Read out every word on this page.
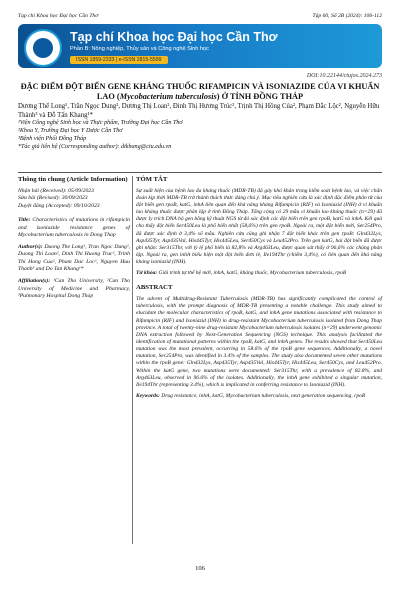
Tạp chí Khoa học Đại học Cần Thơ	Tập 60, Số 2B (2024): 106-112
Tạp chí Khoa học Đại học Cần Thơ
Phần B: Nông nghiệp, Thủy sản và Công nghệ Sinh học
ISSN 1859-2333 | e-ISSN 2815-5599
DOI:10.22144/ctujos.2024.273
ĐẶC ĐIỂM ĐỘT BIẾN GENE KHÁNG THUỐC RIFAMPICIN VÀ ISONIAZIDE CỦA VI KHUẨN LAO (Mycobacterium tuberculosis) Ở TỈNH ĐỒNG THÁP
Dương Thể Long¹, Trần Ngọc Dung², Dương Thị Loan², Đinh Thị Hương Trúc², Trịnh Thị Hồng Của², Phạm Đắc Lộc², Nguyễn Hữu Thành³ và Đỗ Tấn Khang¹*
¹Viện Công nghệ Sinh học và Thực phẩm, Trường Đại học Cần Thơ
²Khoa Y, Trường Đại học Y Dược Cần Thơ
³Bệnh viện Phổi Đồng Tháp
*Tác giả liên hệ (Corresponding author): dtkhang@ctu.edu.vn
Thông tin chung (Article Information)
Nhận bài (Received): 05/09/2023
Sửa bài (Revised): 30/09/2023
Duyệt đăng (Accepted): 09/10/2023
Title: Characteristics of mutations in rifampicin and isoniazide resistance genes of Mycobacterium tuberculosis in Dong Thap
Author(s): Duong The Long¹, Tran Ngoc Dung², Duong Thi Loan², Dinh Thi Huong Truc², Trinh Thi Hong Cua², Pham Dac Loc², Nguyen Huu Thanh³ and Do Tan Khang¹*
Affiliation(s): ¹Can Tho University, ²Can Tho University of Medicine and Pharmacy, ³Pulmonary Hospital Dong Thap
TÓM TẮT
Sự xuất hiện của bệnh lao đa kháng thuốc (MDR-TB) đã gây khó khăn trong kiểm soát bệnh lao, và việc chẩn đoán kịp thời MDR-TB trở thành thách thức đáng chú ý. Mục tiêu nghiên cứu là xác định đặc điểm phân tử của đột biến gen rpoB, katG, inhA liên quan đến khả năng kháng Rifampicin (RIF) và Isoniazid (INH) ở vi khuẩn lao kháng thuốc được phân lập ở tỉnh Đồng Tháp. Tổng cộng có 29 mẫu vi khuẩn lao kháng thuốc (n=29) đã được ly trích DNA bộ gen bằng kỹ thuật NGS từ đó xác định các đột biến trên gen rpoB, katG và inhA. Kết quả cho thấy đột biến Ser450Leu là phổ biến nhất (58,6%) trên gen rpoB. Ngoài ra, một đột biến mới, Ser254Pro, đã được xác định ở 3,4% số mẫu. Nghiên cứu cũng ghi nhận 7 đột biến khác trên gen rpoB: Gln432Lys, Asp435Tyr, Asp435Val, His445Tyr, His445Leu, Ser450Cys và Leu452Pro. Trên gen katG, hai đột biến đã được ghi nhận: Ser315Thr, với tỷ lệ phổ biến là 82,8% và Arg463Leu, được quan sát thấy ở 96,6% các chủng phân lập. Ngoài ra, gen inhA biểu hiện một đột biến đơn lẻ, Ile194Thr (chiếm 3,4%), có liên quan đến khả năng kháng isoniazid (INH).
Từ khóa: Giải trình tự thế hệ mới, inhA, katG, kháng thuốc, Mycobacterium tuberculosis, rpoB
ABSTRACT
The advent of Multidrug-Resistant Tuberculosis (MDR-TB) has significantly complicated the control of tuberculosis, with the prompt diagnosis of MDR-TB presenting a notable challenge. This study aimed to elucidate the molecular characteristics of rpoB, katG, and inhA gene mutations associated with resistance to Rifampicin (RIF) and Isoniazid (INH) in drug-resistant Mycobacterium tuberculosis isolated from Dong Thap province. A total of twenty-nine drug-resistant Mycobacterium tuberculosis isolates (n=29) underwent genomic DNA extraction followed by Next-Generation Sequencing (NGS) technique. This analysis facilitated the identification of mutational patterns within the rpoB, katG, and inhA genes. The results showed that Ser450Leu mutation was the most prevalent, occurring in 58.6% of the rpoB gene sequences. Additionally, a novel mutation, Ser254Pro, was identified in 3.4% of the samples. The study also documented seven other mutations within the rpoB gene: Gln432Lys, Asp435Tyr, Asp435Val, His445Tyr, His445Leu, Ser450Cys, and Leu452Pro. Within the katG gene, two mutations were documented: Ser315Thr, with a prevalence of 82.8%, and Arg463Leu, observed in 96.6% of the isolates. Additionally, the inhA gene exhibited a singular mutation, Ile194Thr (representing 3.4%), which is implicated in conferring resistance to Isoniazid (INH).
Keywords: Drug resistance, inhA, katG, Mycobacterium tuberculosis, next generation sequencing, rpoB
106
